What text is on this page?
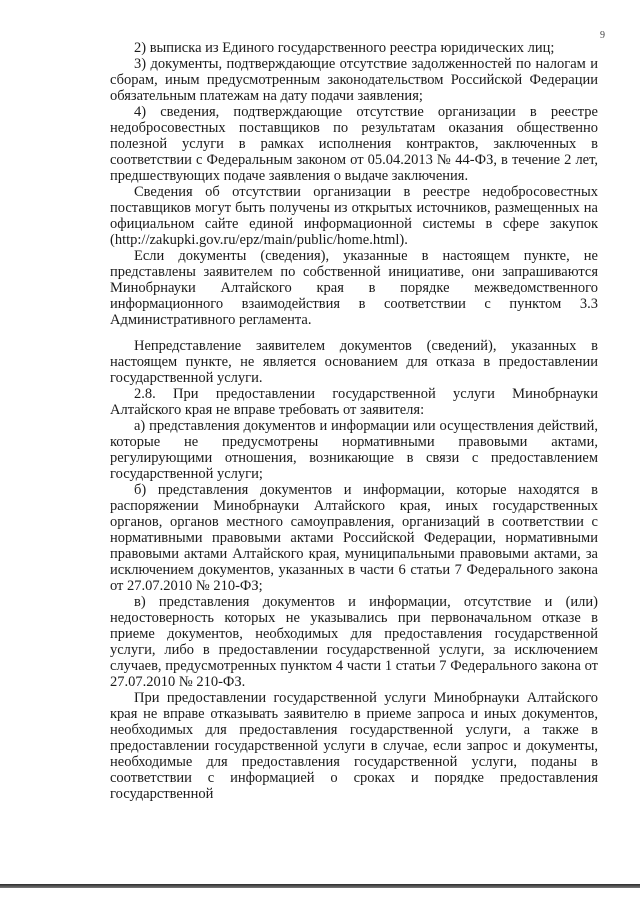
9

2) выписка из Единого государственного реестра юридических лиц;

3) документы, подтверждающие отсутствие задолженностей по налогам и сборам, иным предусмотренным законодательством Российской Федерации обязательным платежам на дату подачи заявления;

4) сведения, подтверждающие отсутствие организации в реестре недобросовестных поставщиков по результатам оказания общественно полезной услуги в рамках исполнения контрактов, заключенных в соответствии с Федеральным законом от 05.04.2013 № 44-ФЗ, в течение 2 лет, предшествующих подаче заявления о выдаче заключения.

Сведения об отсутствии организации в реестре недобросовестных поставщиков могут быть получены из открытых источников, размещенных на официальном сайте единой информационной системы в сфере закупок (http://zakupki.gov.ru/epz/main/public/home.html).

Если документы (сведения), указанные в настоящем пункте, не представлены заявителем по собственной инициативе, они запрашиваются Минобрнауки Алтайского края в порядке межведомственного информационного взаимодействия в соответствии с пунктом 3.3 Административного регламента.

Непредставление заявителем документов (сведений), указанных в настоящем пункте, не является основанием для отказа в предоставлении государственной услуги.

2.8. При предоставлении государственной услуги Минобрнауки Алтайского края не вправе требовать от заявителя:

а) представления документов и информации или осуществления действий, которые не предусмотрены нормативными правовыми актами, регулирующими отношения, возникающие в связи с предоставлением государственной услуги;

б) представления документов и информации, которые находятся в распоряжении Минобрнауки Алтайского края, иных государственных органов, органов местного самоуправления, организаций в соответствии с нормативными правовыми актами Российской Федерации, нормативными правовыми актами Алтайского края, муниципальными правовыми актами, за исключением документов, указанных в части 6 статьи 7 Федерального закона от 27.07.2010 № 210-ФЗ;

в) представления документов и информации, отсутствие и (или) недостоверность которых не указывались при первоначальном отказе в приеме документов, необходимых для предоставления государственной услуги, либо в предоставлении государственной услуги, за исключением случаев, предусмотренных пунктом 4 части 1 статьи 7 Федерального закона от 27.07.2010 № 210-ФЗ.

При предоставлении государственной услуги Минобрнауки Алтайского края не вправе отказывать заявителю в приеме запроса и иных документов, необходимых для предоставления государственной услуги, а также в предоставлении государственной услуги в случае, если запрос и документы, необходимые для предоставления государственной услуги, поданы в соответствии с информацией о сроках и порядке предоставления государственной
